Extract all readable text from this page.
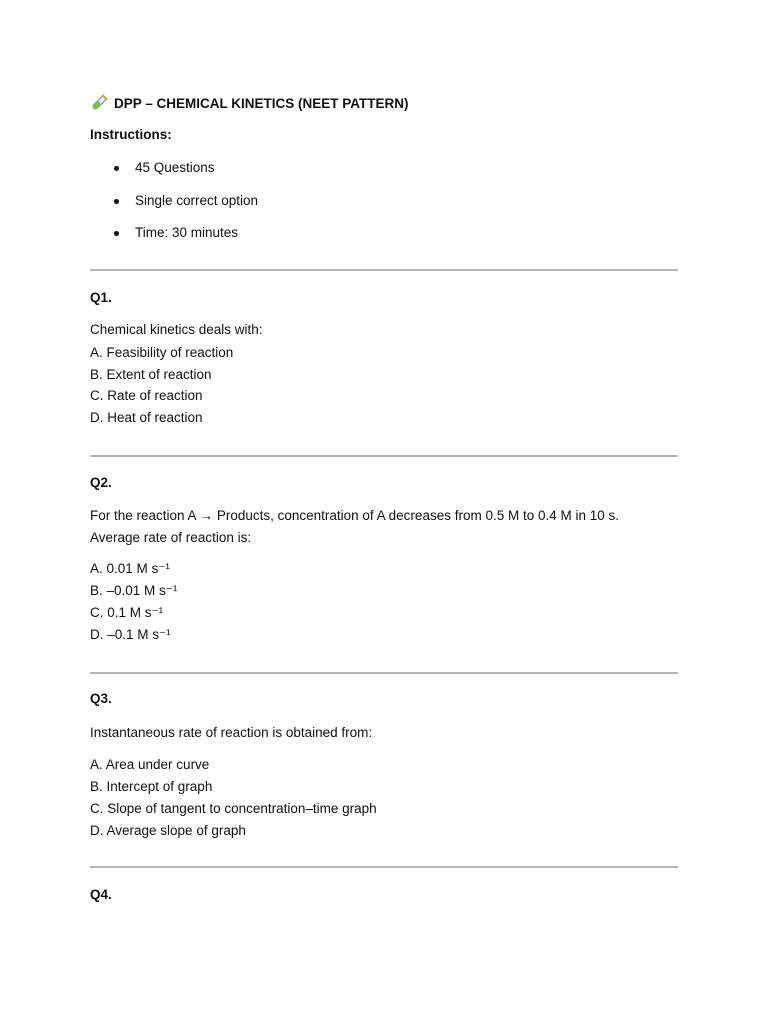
DPP – CHEMICAL KINETICS (NEET PATTERN)
Instructions:
45 Questions
Single correct option
Time: 30 minutes
Q1.
Chemical kinetics deals with:
A. Feasibility of reaction
B. Extent of reaction
C. Rate of reaction
D. Heat of reaction
Q2.
For the reaction A → Products, concentration of A decreases from 0.5 M to 0.4 M in 10 s.
Average rate of reaction is:
A. 0.01 M s⁻¹
B. –0.01 M s⁻¹
C. 0.1 M s⁻¹
D. –0.1 M s⁻¹
Q3.
Instantaneous rate of reaction is obtained from:
A. Area under curve
B. Intercept of graph
C. Slope of tangent to concentration–time graph
D. Average slope of graph
Q4.
